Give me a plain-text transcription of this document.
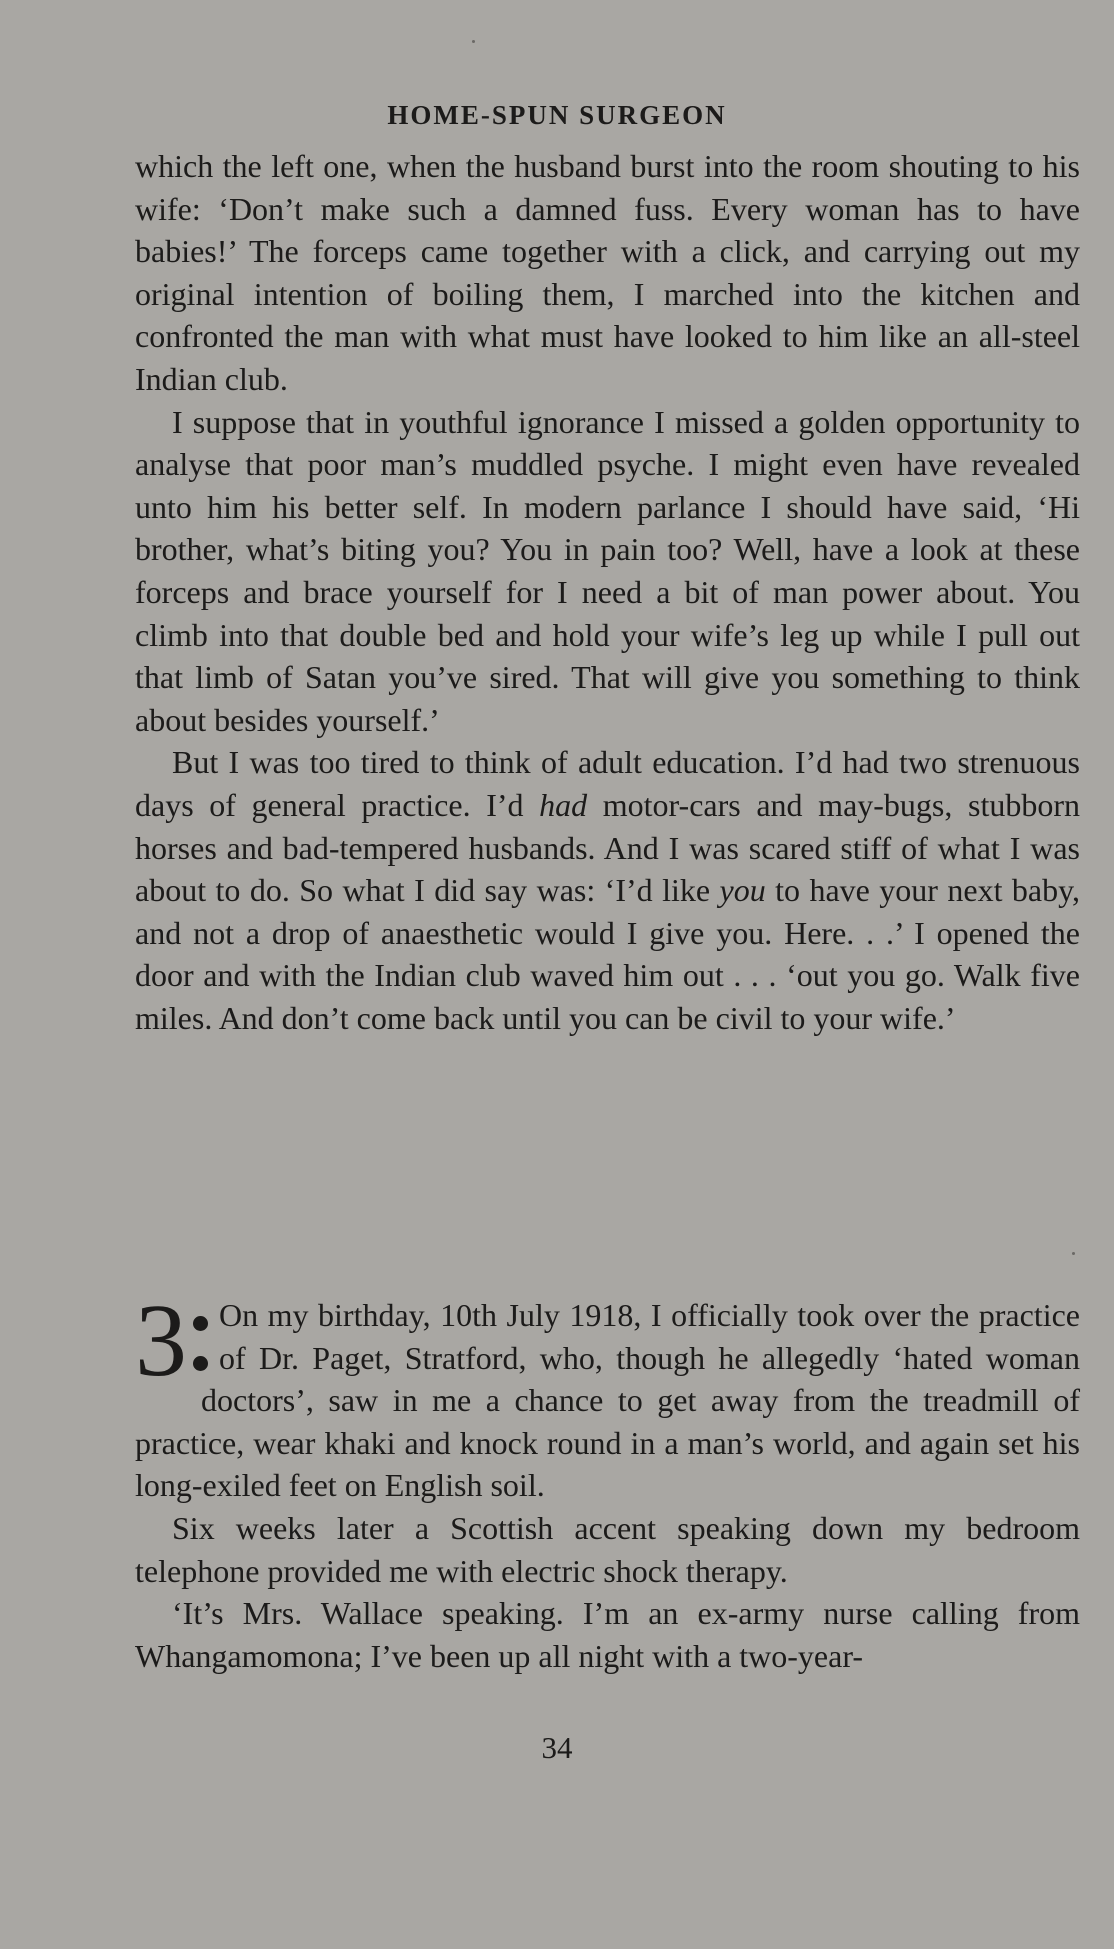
HOME-SPUN SURGEON

which the left one, when the husband burst into the room shouting to his wife: ‘Don’t make such a damned fuss. Every woman has to have babies!’ The forceps came together with a click, and carrying out my original intention of boiling them, I marched into the kitchen and confronted the man with what must have looked to him like an all-steel Indian club.

I suppose that in youthful ignorance I missed a golden opportunity to analyse that poor man’s muddled psyche. I might even have revealed unto him his better self. In modern parlance I should have said, ‘Hi brother, what’s biting you? You in pain too? Well, have a look at these forceps and brace yourself for I need a bit of man power about. You climb into that double bed and hold your wife’s leg up while I pull out that limb of Satan you’ve sired. That will give you something to think about besides yourself.’

But I was too tired to think of adult education. I’d had two strenuous days of general practice. I’d had motor-cars and may-bugs, stubborn horses and bad-tempered husbands. And I was scared stiff of what I was about to do. So what I did say was: ‘I’d like you to have your next baby, and not a drop of anaesthetic would I give you. Here. . .’ I opened the door and with the Indian club waved him out . . . ‘out you go. Walk five miles. And don’t come back until you can be civil to your wife.’

3	On my birthday, 10th July 1918, I officially took over the practice of Dr. Paget, Stratford, who, though he allegedly ‘hated woman doctors’, saw in me a chance to get away from the treadmill of practice, wear khaki and knock round in a man’s world, and again set his long-exiled feet on English soil.

Six weeks later a Scottish accent speaking down my bedroom telephone provided me with electric shock therapy.

‘It’s Mrs. Wallace speaking. I’m an ex-army nurse calling from Whangamomona; I’ve been up all night with a two-year-

34
